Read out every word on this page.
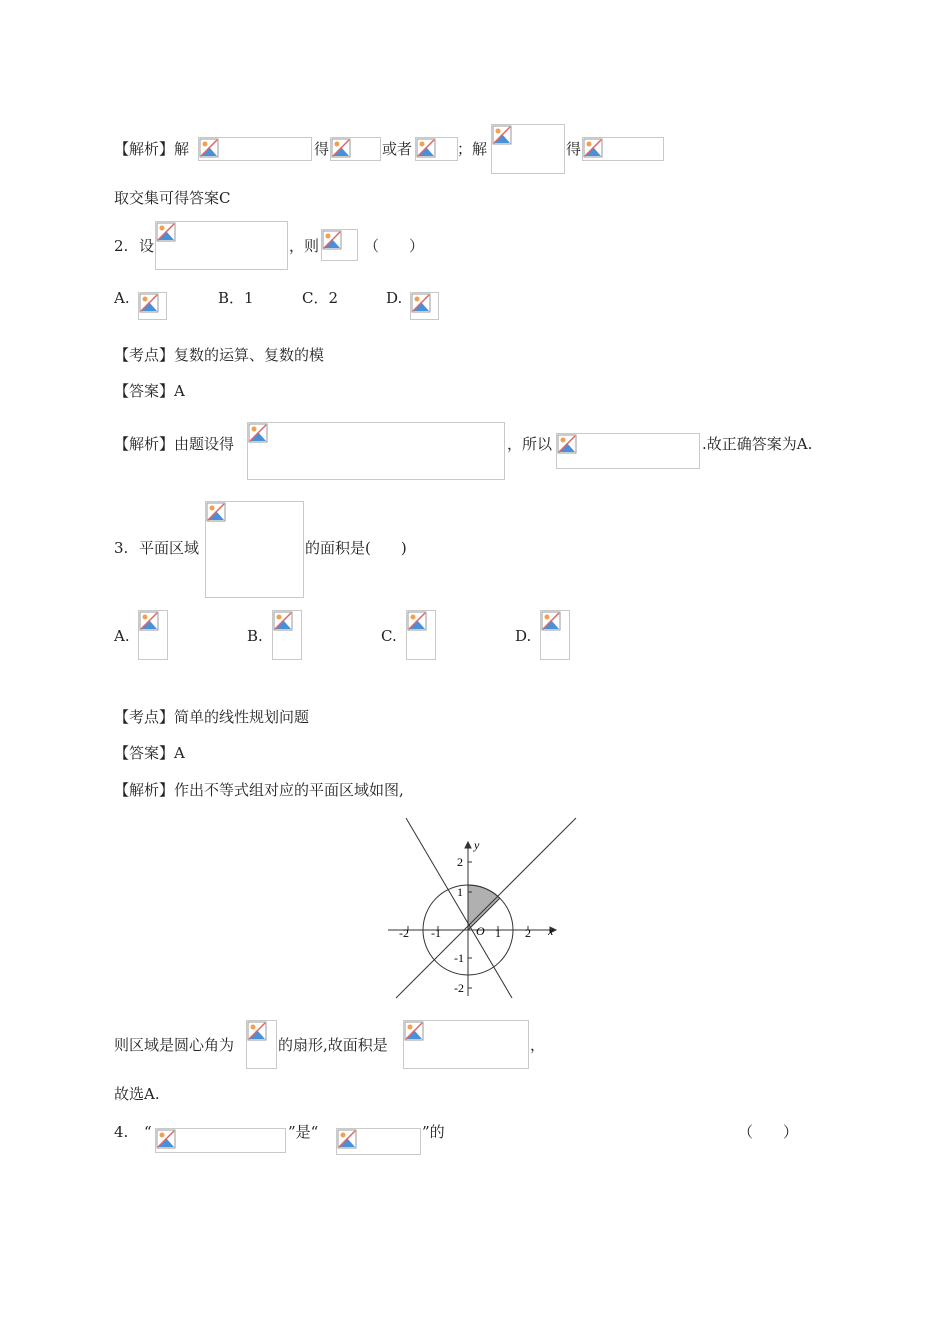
【解析】解	得	或者	；解	得
取交集可得答案C
2. 设	，则	（　　）
A.	B．1	C．2	D.
【考点】复数的运算、复数的模
【答案】A
【解析】由题设得	，所以	.故正确答案为A.
3. 平面区域	的面积是(　　)
A.	B.	C.	D.
【考点】简单的线性规划问题
【答案】A
【解析】作出不等式组对应的平面区域如图,
y
x
O
-2 -1	1 2
2
1
-1
-2
则区域是圆心角为	的扇形,故面积是	，
故选A.
4. “	”是“	”的	（　　）
